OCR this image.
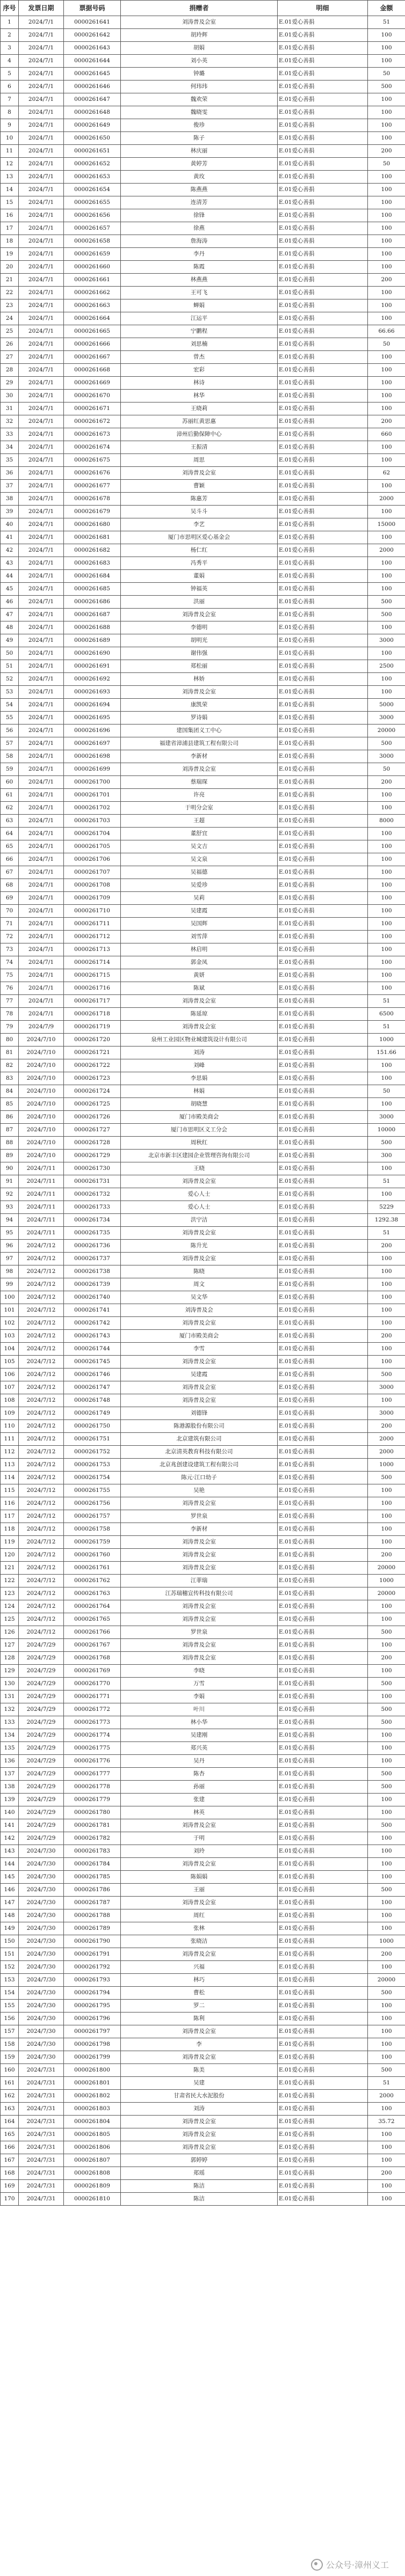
序号	发票日期	票据号码	捐赠者	明细	金额
1	2024/7/1	0000261641	刘涛普及会室	E.01爱心善捐	51
2	2024/7/1	0000261642	胡玲辉	E.01爱心善捐	100
3	2024/7/1	0000261643	胡娟	E.01爱心善捐	100
4	2024/7/1	0000261644	刘小英	E.01爱心善捐	100
5	2024/7/1	0000261645	钟璐	E.01爱心善捐	50
6	2024/7/1	0000261646	何玮玮	E.01爱心善捐	500
7	2024/7/1	0000261647	魏欢荣	E.01爱心善捐	100
8	2024/7/1	0000261648	魏晓雯	E.01爱心善捐	100
9	2024/7/1	0000261649	俊珍	E.01爱心善捐	100
10	2024/7/1	0000261650	陈子	E.01爱心善捐	100
11	2024/7/1	0000261651	林庆丽	E.01爱心善捐	200
12	2024/7/1	0000261652	黄婷芳	E.01爱心善捐	50
13	2024/7/1	0000261653	黄玫	E.01爱心善捐	100
14	2024/7/1	0000261654	陈燕燕	E.01爱心善捐	100
15	2024/7/1	0000261655	连清芳	E.01爱心善捐	100
16	2024/7/1	0000261656	徐锋	E.01爱心善捐	100
17	2024/7/1	0000261657	徐燕	E.01爱心善捐	100
18	2024/7/1	0000261658	詹海涛	E.01爱心善捐	100
19	2024/7/1	0000261659	李丹	E.01爱心善捐	100
20	2024/7/1	0000261660	陈霞	E.01爱心善捐	100
21	2024/7/1	0000261661	林燕燕	E.01爱心善捐	200
22	2024/7/1	0000261662	王可飞	E.01爱心善捐	100
23	2024/7/1	0000261663	蝉娟	E.01爱心善捐	100
24	2024/7/1	0000261664	江运平	E.01爱心善捐	100
25	2024/7/1	0000261665	宁鹏程	E.01爱心善捐	66.66
26	2024/7/1	0000261666	刘思楠	E.01爱心善捐	50
27	2024/7/1	0000261667	曾杰	E.01爱心善捐	100
28	2024/7/1	0000261668	宏彩	E.01爱心善捐	100
29	2024/7/1	0000261669	林诗	E.01爱心善捐	100
30	2024/7/1	0000261670	林华	E.01爱心善捐	100
31	2024/7/1	0000261671	王晓莉	E.01爱心善捐	100
32	2024/7/1	0000261672	苏丽红黄思惠	E.01爱心善捐	200
33	2024/7/1	0000261673	漳州后勤保障中心	E.01爱心善捐	660
34	2024/7/1	0000261674	王振清	E.01爱心善捐	100
35	2024/7/1	0000261675	周思	E.01爱心善捐	100
36	2024/7/1	0000261676	刘涛普及会室	E.01爱心善捐	62
37	2024/7/1	0000261677	曹颖	E.01爱心善捐	100
38	2024/7/1	0000261678	陈惠芳	E.01爱心善捐	2000
39	2024/7/1	0000261679	吴斗斗	E.01爱心善捐	100
40	2024/7/1	0000261680	李艺	E.01爱心善捐	15000
41	2024/7/1	0000261681	厦门市思明区爱心基金会	E.01爱心善捐	100
42	2024/7/1	0000261682	杨仁红	E.01爱心善捐	2000
43	2024/7/1	0000261683	冯秀平	E.01爱心善捐	100
44	2024/7/1	0000261684	董娟	E.01爱心善捐	100
45	2024/7/1	0000261685	钟福英	E.01爱心善捐	100
46	2024/7/1	0000261686	洪丽	E.01爱心善捐	500
47	2024/7/1	0000261687	刘涛普及会室	E.01爱心善捐	500
48	2024/7/1	0000261688	李德明	E.01爱心善捐	100
49	2024/7/1	0000261689	胡明光	E.01爱心善捐	3000
50	2024/7/1	0000261690	谢伟强	E.01爱心善捐	100
51	2024/7/1	0000261691	郑松丽	E.01爱心善捐	2500
52	2024/7/1	0000261692	林娇	E.01爱心善捐	100
53	2024/7/1	0000261693	刘涛普及会室	E.01爱心善捐	100
54	2024/7/1	0000261694	康凯荣	E.01爱心善捐	5000
55	2024/7/1	0000261695	罗诗娟	E.01爱心善捐	3000
56	2024/7/1	0000261696	建国集团义工中心	E.01爱心善捐	20000
57	2024/7/1	0000261697	福建省漳浦县建筑工程有限公司	E.01爱心善捐	500
58	2024/7/1	0000261698	李新材	E.01爱心善捐	3000
59	2024/7/1	0000261699	刘涛普及会室	E.01爱心善捐	50
60	2024/7/1	0000261700	蔡瑞琛	E.01爱心善捐	200
61	2024/7/1	0000261701	许亮	E.01爱心善捐	100
62	2024/7/1	0000261702	于明分会室	E.01爱心善捐	100
63	2024/7/1	0000261703	王超	E.01爱心善捐	8000
64	2024/7/1	0000261704	董舒宜	E.01爱心善捐	100
65	2024/7/1	0000261705	吴文吉	E.01爱心善捐	100
66	2024/7/1	0000261706	吴文泉	E.01爱心善捐	100
67	2024/7/1	0000261707	吴福德	E.01爱心善捐	100
68	2024/7/1	0000261708	吴爱珍	E.01爱心善捐	100
69	2024/7/1	0000261709	吴莉	E.01爱心善捐	100
70	2024/7/1	0000261710	吴建霞	E.01爱心善捐	100
71	2024/7/1	0000261711	吴国辉	E.01爱心善捐	100
72	2024/7/1	0000261712	刘雪萍	E.01爱心善捐	100
73	2024/7/1	0000261713	林启明	E.01爱心善捐	100
74	2024/7/1	0000261714	郭金凤	E.01爱心善捐	100
75	2024/7/1	0000261715	黄妍	E.01爱心善捐	100
76	2024/7/1	0000261716	陈斌	E.01爱心善捐	100
77	2024/7/1	0000261717	刘涛普及会室	E.01爱心善捐	51
78	2024/7/1	0000261718	陈延琼	E.01爱心善捐	6500
79	2024/7/9	0000261719	刘涛普及会室	E.01爱心善捐	51
80	2024/7/10	0000261720	泉州工业园区物业城建筑设计有限公司	E.01爱心善捐	1000
81	2024/7/10	0000261721	刘涛	E.01爱心善捐	151.66
82	2024/7/10	0000261722	刘峰	E.01爱心善捐	100
83	2024/7/10	0000261723	李思娟	E.01爱心善捐	100
84	2024/7/10	0000261724	林娟	E.01爱心善捐	50
85	2024/7/10	0000261725	胡晓慧	E.01爱心善捐	100
86	2024/7/10	0000261726	厦门市殿美商会	E.01爱心善捐	3000
87	2024/7/10	0000261727	厦门市思明区义工分会	E.01爱心善捐	10000
88	2024/7/10	0000261728	周秋红	E.01爱心善捐	500
89	2024/7/10	0000261729	北京市新丰区建园企业管理咨询有限公司	E.01爱心善捐	300
90	2024/7/11	0000261730	王晓	E.01爱心善捐	100
91	2024/7/11	0000261731	刘涛普及会室	E.01爱心善捐	51
92	2024/7/11	0000261732	爱心人士	E.01爱心善捐	100
93	2024/7/11	0000261733	爱心人士	E.01爱心善捐	5229
94	2024/7/11	0000261734	洪宁洁	E.01爱心善捐	1292.38
95	2024/7/11	0000261735	刘涛普及会室	E.01爱心善捐	51
96	2024/7/12	0000261736	陈升光	E.01爱心善捐	200
97	2024/7/12	0000261737	刘涛普及会室	E.01爱心善捐	100
98	2024/7/12	0000261738	陈晓	E.01爱心善捐	100
99	2024/7/12	0000261739	周文	E.01爱心善捐	100
100	2024/7/12	0000261740	吴文华	E.01爱心善捐	100
101	2024/7/12	0000261741	刘涛普及会	E.01爱心善捐	100
102	2024/7/12	0000261742	刘涛普及会室	E.01爱心善捐	100
103	2024/7/12	0000261743	厦门市殿美商会	E.01爱心善捐	200
104	2024/7/12	0000261744	李雪	E.01爱心善捐	100
105	2024/7/12	0000261745	刘涛普及会室	E.01爱心善捐	100
106	2024/7/12	0000261746	吴建霞	E.01爱心善捐	500
107	2024/7/12	0000261747	刘涛普及会室	E.01爱心善捐	3000
108	2024/7/12	0000261748	刘涛普及会室	E.01爱心善捐	100
109	2024/7/12	0000261749	刘德锋	E.01爱心善捐	3000
110	2024/7/12	0000261750	陈港源股份有限公司	E.01爱心善捐	200
111	2024/7/12	0000261751	北京建筑有限公司	E.01爱心善捐	2000
112	2024/7/12	0000261752	北京清英教育科技有限公司	E.01爱心善捐	2000
113	2024/7/12	0000261753	北京兆创建设建筑工程有限公司	E.01爱心善捐	1000
114	2024/7/12	0000261754	陈元·江口幼子	E.01爱心善捐	500
115	2024/7/12	0000261755	吴艳	E.01爱心善捐	100
116	2024/7/12	0000261756	刘涛普及会室	E.01爱心善捐	100
117	2024/7/12	0000261757	罗世泉	E.01爱心善捐	100
118	2024/7/12	0000261758	李新材	E.01爱心善捐	100
119	2024/7/12	0000261759	刘涛普及会室	E.01爱心善捐	100
120	2024/7/12	0000261760	刘涛普及会室	E.01爱心善捐	200
121	2024/7/12	0000261761	刘涛普及会室	E.01爱心善捐	20000
122	2024/7/12	0000261762	江菲瑞	E.01爱心善捐	1000
123	2024/7/12	0000261763	江苏瑞穗宣传科技有限公司	E.01爱心善捐	20000
124	2024/7/12	0000261764	刘涛普及会室	E.01爱心善捐	100
125	2024/7/12	0000261765	刘涛普及会室	E.01爱心善捐	100
126	2024/7/12	0000261766	罗世泉	E.01爱心善捐	500
127	2024/7/29	0000261767	刘涛普及会室	E.01爱心善捐	100
128	2024/7/29	0000261768	刘涛普及会室	E.01爱心善捐	200
129	2024/7/29	0000261769	李晓	E.01爱心善捐	100
130	2024/7/29	0000261770	万雪	E.01爱心善捐	500
131	2024/7/29	0000261771	李娟	E.01爱心善捐	100
132	2024/7/29	0000261772	叶川	E.01爱心善捐	500
133	2024/7/29	0000261773	林小华	E.01爱心善捐	500
134	2024/7/29	0000261774	吴建刚	E.01爱心善捐	100
135	2024/7/29	0000261775	郑兴英	E.01爱心善捐	100
136	2024/7/29	0000261776	吴丹	E.01爱心善捐	100
137	2024/7/29	0000261777	陈杏	E.01爱心善捐	500
138	2024/7/29	0000261778	孙丽	E.01爱心善捐	500
139	2024/7/29	0000261779	张建	E.01爱心善捐	100
140	2024/7/29	0000261780	林英	E.01爱心善捐	100
141	2024/7/29	0000261781	刘涛普及会室	E.01爱心善捐	500
142	2024/7/29	0000261782	于明	E.01爱心善捐	100
143	2024/7/30	0000261783	刘玲	E.01爱心善捐	100
144	2024/7/30	0000261784	刘涛普及会室	E.01爱心善捐	100
145	2024/7/30	0000261785	陈娟娟	E.01爱心善捐	100
146	2024/7/30	0000261786	王丽	E.01爱心善捐	500
147	2024/7/30	0000261787	刘涛普及会室	E.01爱心善捐	100
148	2024/7/30	0000261788	周红	E.01爱心善捐	100
149	2024/7/30	0000261789	张林	E.01爱心善捐	100
150	2024/7/30	0000261790	张晓洁	E.01爱心善捐	1000
151	2024/7/30	0000261791	刘涛普及会室	E.01爱心善捐	200
152	2024/7/30	0000261792	兴福	E.01爱心善捐	100
153	2024/7/30	0000261793	林巧	E.01爱心善捐	20000
154	2024/7/30	0000261794	曹松	E.01爱心善捐	500
155	2024/7/30	0000261795	罗二	E.01爱心善捐	100
156	2024/7/30	0000261796	陈利	E.01爱心善捐	100
157	2024/7/30	0000261797	刘涛普及会室	E.01爱心善捐	100
158	2024/7/30	0000261798	李	E.01爱心善捐	100
159	2024/7/30	0000261799	刘涛普及会室	E.01爱心善捐	100
160	2024/7/31	0000261800	陈美	E.01爱心善捐	500
161	2024/7/31	0000261801	吴建	E.01爱心善捐	51
162	2024/7/31	0000261802	甘肃省民大水泥股份	E.01爱心善捐	2000
163	2024/7/31	0000261803	刘涛	E.01爱心善捐	100
164	2024/7/31	0000261804	刘涛普及会室	E.01爱心善捐	35.72
165	2024/7/31	0000261805	刘涛普及会室	E.01爱心善捐	100
166	2024/7/31	0000261806	刘涛普及会室	E.01爱心善捐	100
167	2024/7/31	0000261807	郭婷婷	E.01爱心善捐	100
168	2024/7/31	0000261808	郑瑶	E.01爱心善捐	200
169	2024/7/31	0000261809	陈洁	E.01爱心善捐	100
170	2024/7/31	0000261810	陈洁	E.01爱心善捐	100
公众号·漳州义工
